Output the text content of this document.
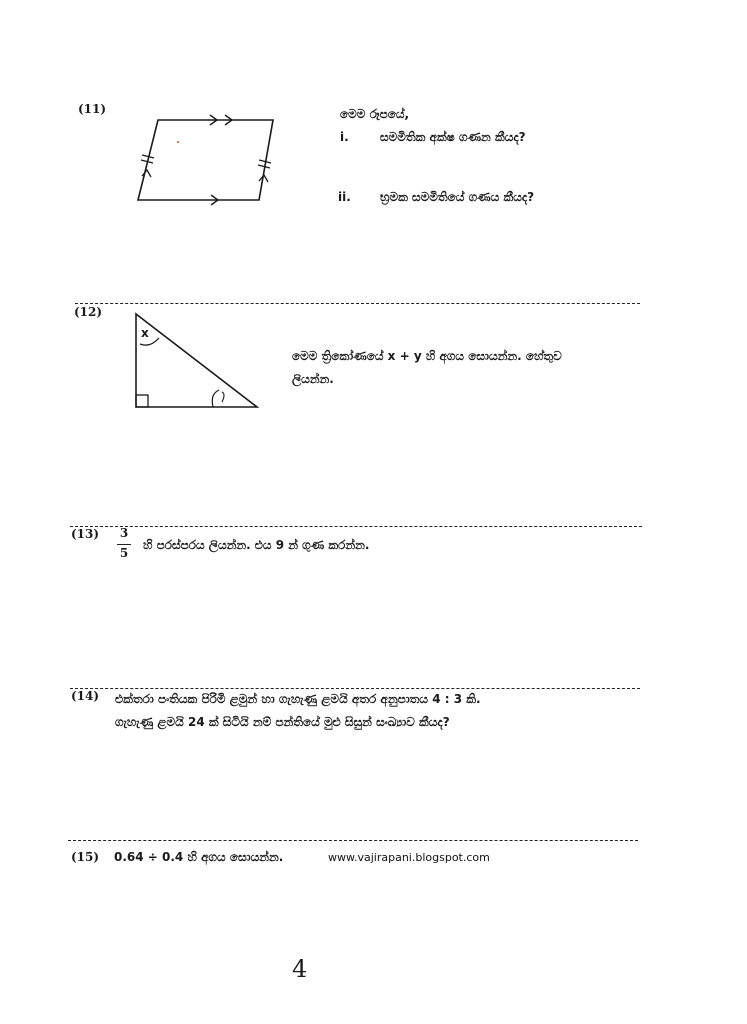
(11)	මෙම රූපයේ,
i.	සමමිතික අක්ෂ ගණන කීයද?
ii. භ්‍රමක සමමිතියේ ගණය කීයද?
(12)
x
මෙම ත්‍රිකෝණයේ x + y හි අගය සොයන්න. හේතුව
ලියන්න.
(13) 3
5
හි පරස්පරය ලියන්න. එය 9 න් ගුණ කරන්න.
(14) එක්තරා පංතියක පිරිමි ළමුන් හා ගැහැණු ළමයි අතර අනුපාතය 4 : 3 කි.
ගැහැණු ළමයි 24 ක් සිටියි නම් පන්තියේ මුළු සිසුන් සංඛ්‍යාව කීයද?
(15) 0.64 ÷ 0.4 හි අගය සොයන්න.	www.vajirapani.blogspot.com
4
